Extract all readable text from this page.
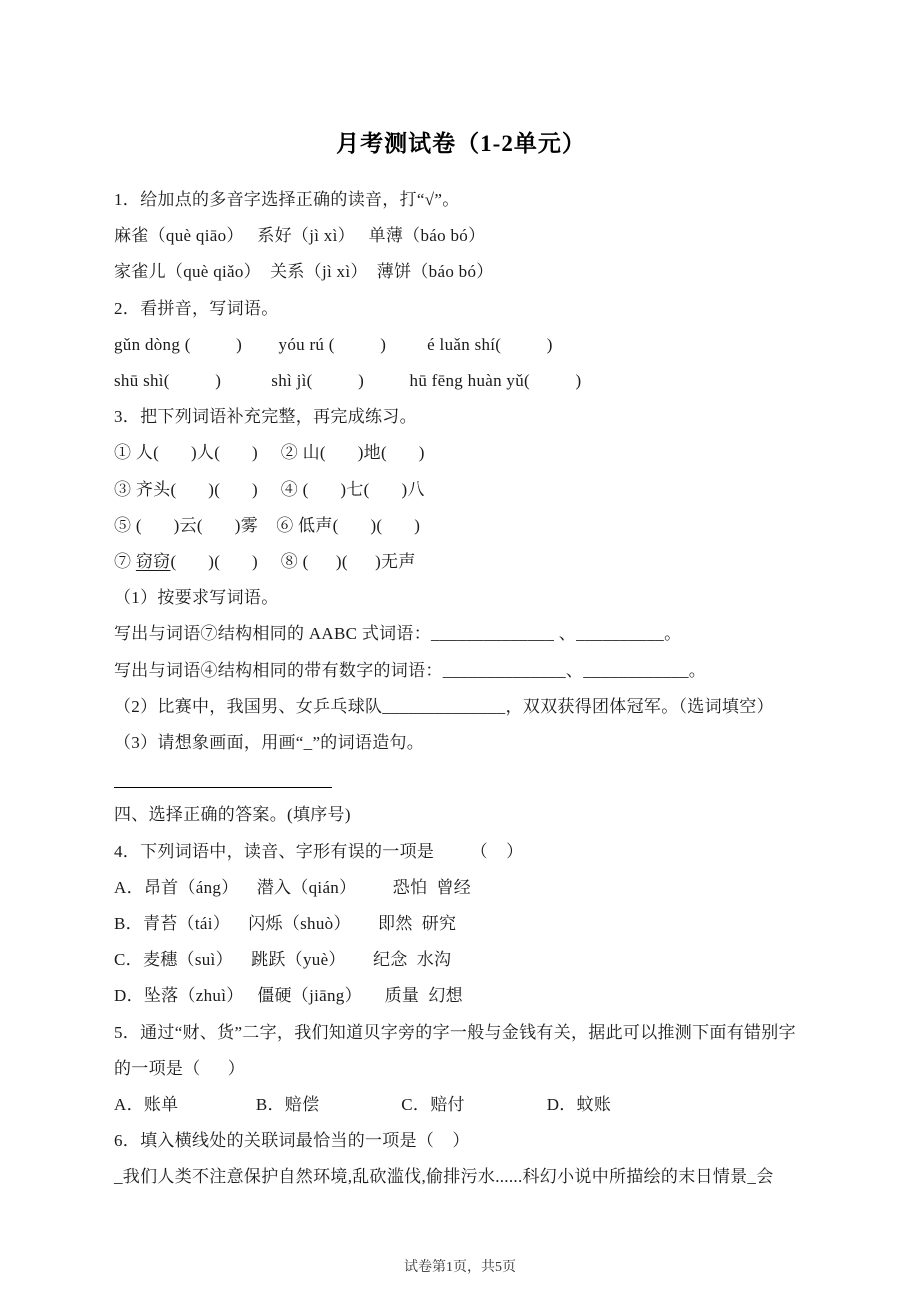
月考测试卷（1-2单元）
1．给加点的多音字选择正确的读音，打“√”。
麻雀（què qiāo）   系好（jì xì）   单薄（báo bó）
家雀儿（què qiǎo）  关系（jì xì）  薄饼（báo bó）
2．看拼音，写词语。
gǔn dòng (          )        yóu rú (          )         é luǎn shí(          )
shū shì(          )           shì jì(          )          hū fēng huàn yǔ(          )
3．把下列词语补充完整，再完成练习。
① 人(       )人(       )     ② 山(       )地(       )
③ 齐头(       )(       )     ④ (       )七(       )八
⑤ (       )云(       )雾    ⑥ 低声(       )(       )
⑦ 窃窃(       )(       )     ⑧ (      )(      )无声
（1）按要求写词语。
写出与词语⑦结构相同的 AABC 式词语：______________ 、__________。
写出与词语④结构相同的带有数字的词语：______________、____________。
（2）比赛中，我国男、女乒乓球队______________，双双获得团体冠军。（选词填空）
（3）请想象画面，用画“_”的词语造句。
四、选择正确的答案。(填序号)
4．下列词语中，读音、字形有误的一项是        （    ）
A．昂首（áng）    潜入（qián）        恐怕  曾经
B．青苔（tái）    闪烁（shuò）      即然  研究
C．麦穗（suì）    跳跃（yuè）      纪念  水沟
D．坠落（zhuì）   僵硬（jiāng）     质量  幻想
5．通过“财、货”二字，我们知道贝字旁的字一般与金钱有关，据此可以推测下面有错别字
的一项是（      ）
A．账单                 B．赔偿                  C．赔付                  D．蚊账
6．填入横线处的关联词最恰当的一项是（    ）
_我们人类不注意保护自然环境,乱砍滥伐,偷排污水......科幻小说中所描绘的末日情景_会
试卷第1页，共5页
